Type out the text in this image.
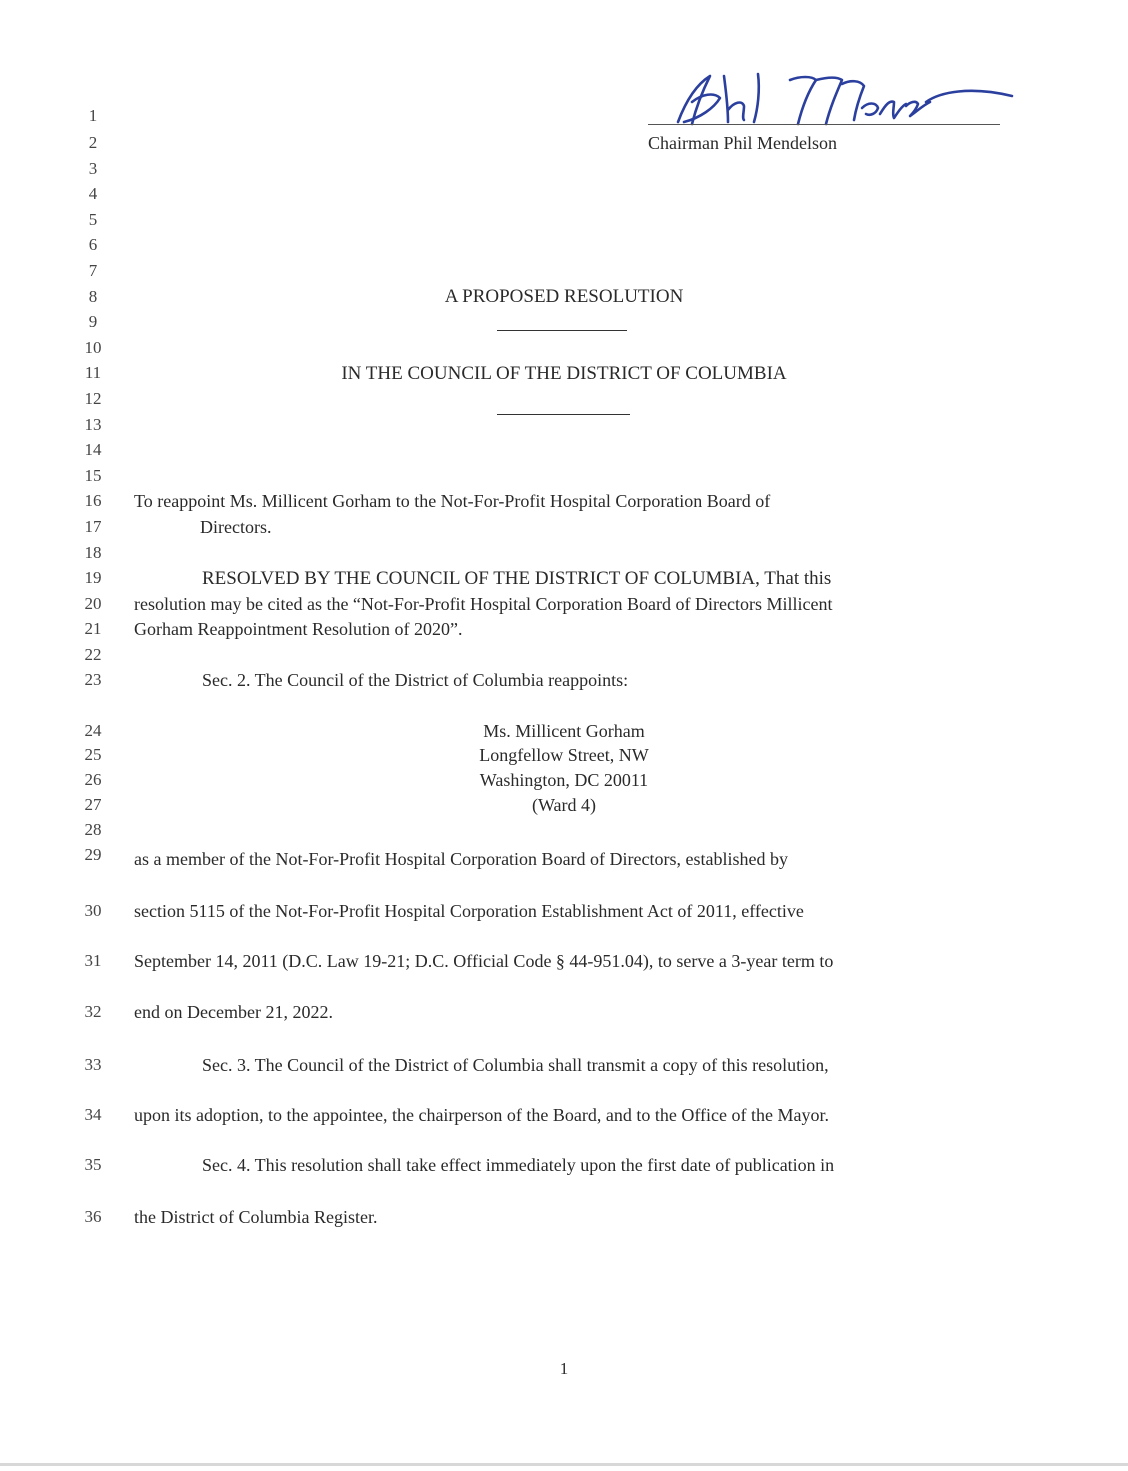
Chairman Phil Mendelson
1
2
3
4
5
6
7
8
9
10
11
12
13
14
15
16
17
18
19
20
21
22
23
24
25
26
27
28
29
30
31
32
33
34
35
36
A PROPOSED RESOLUTION
IN THE COUNCIL OF THE DISTRICT OF COLUMBIA
To reappoint Ms. Millicent Gorham to the Not-For-Profit Hospital Corporation Board of
Directors.
RESOLVED BY THE COUNCIL OF THE DISTRICT OF COLUMBIA, That this
resolution may be cited as the “Not-For-Profit Hospital Corporation Board of Directors Millicent
Gorham Reappointment Resolution of 2020”.
Sec. 2. The Council of the District of Columbia reappoints:
Ms. Millicent Gorham
Longfellow Street, NW
Washington, DC 20011
(Ward 4)
as a member of the Not-For-Profit Hospital Corporation Board of Directors, established by
section 5115 of the Not-For-Profit Hospital Corporation Establishment Act of 2011, effective
September 14, 2011 (D.C. Law 19-21; D.C. Official Code § 44-951.04), to serve a 3-year term to
end on December 21, 2022.
Sec. 3. The Council of the District of Columbia shall transmit a copy of this resolution,
upon its adoption, to the appointee, the chairperson of the Board, and to the Office of the Mayor.
Sec. 4. This resolution shall take effect immediately upon the first date of publication in
the District of Columbia Register.
1
